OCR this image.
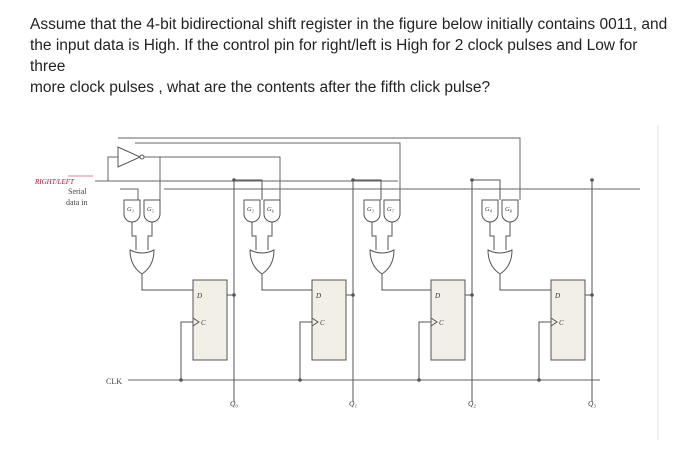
Assume that the 4-bit bidirectional shift register in the figure below initially contains 0011, and

the input data is High. If the control pin for right/left is High for 2 clock pulses and Low for three

more clock pulses , what are the contents after the fifth click pulse?

RIGHT/LEFT
Serial
data in
CLK
G₁ G₅
D
C
Q₀
G₂ G₆
D
C
Q₁
G₃ G₇
D
C
Q₂
G₄ G₈
D
C
Q₃
